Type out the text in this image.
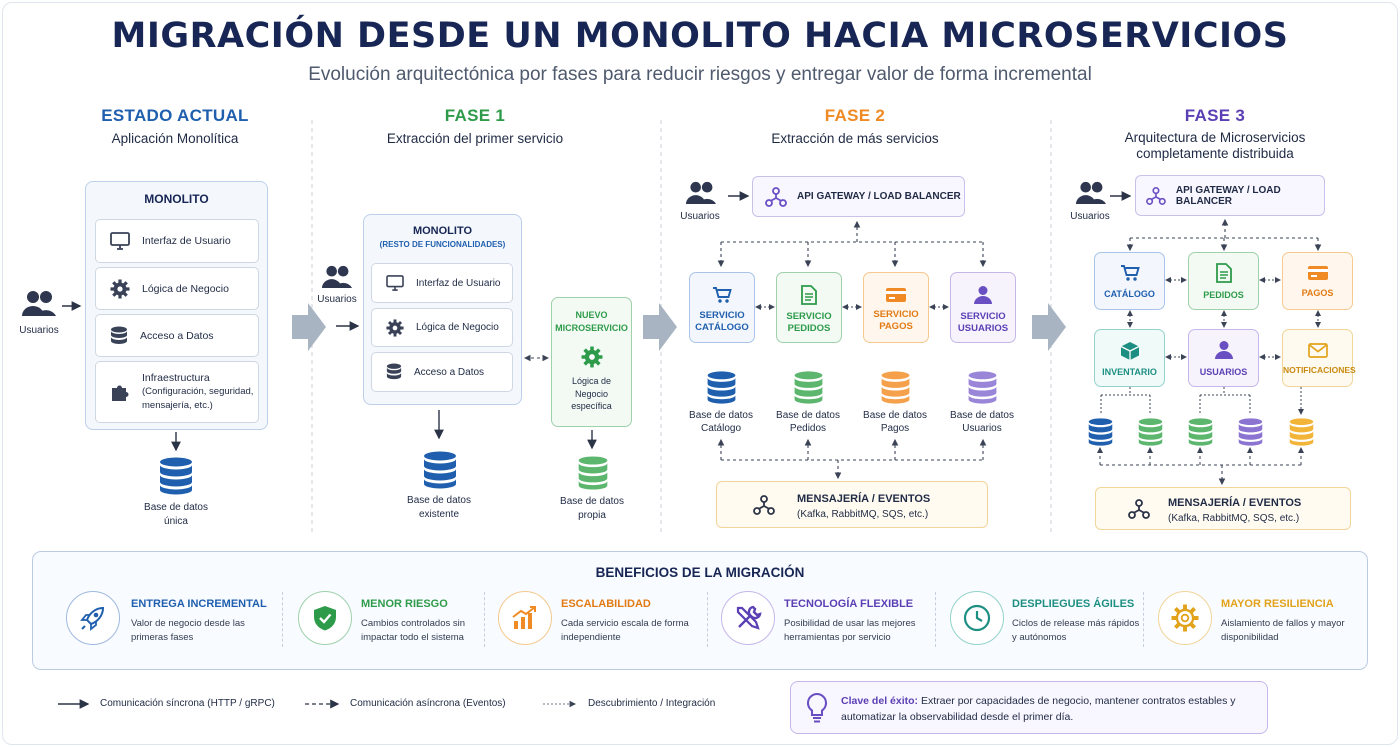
MIGRACIÓN DESDE UN MONOLITO HACIA MICROSERVICIOS
Evolución arquitectónica por fases para reducir riesgos y entregar valor de forma incremental
ESTADO ACTUAL
Aplicación Monolítica
Usuarios
MONOLITO
Interfaz de Usuario
Lógica de Negocio
Acceso a Datos
Infraestructura
(Configuración, seguridad, mensajería, etc.)
Base de datos
única
FASE 1
Extracción del primer servicio
Usuarios
MONOLITO
(RESTO DE FUNCIONALIDADES)
Interfaz de Usuario
Lógica de Negocio
Acceso a Datos
NUEVO
MICROSERVICIO
Lógica de Negocio específica
Base de datos
existente
Base de datos
propia
FASE 2
Extracción de más servicios
Usuarios
API GATEWAY / LOAD BALANCER
SERVICIO
CATÁLOGO
SERVICIO
PEDIDOS
SERVICIO
PAGOS
SERVICIO
USUARIOS
Base de datos
Catálogo
Base de datos
Pedidos
Base de datos
Pagos
Base de datos
Usuarios
MENSAJERÍA / EVENTOS
(Kafka, RabbitMQ, SQS, etc.)
FASE 3
Arquitectura de Microservicios
completamente distribuida
Usuarios
API GATEWAY / LOAD BALANCER
CATÁLOGO	PEDIDOS	PAGOS
INVENTARIO	USUARIOS	NOTIFICACIONES
MENSAJERÍA / EVENTOS
(Kafka, RabbitMQ, SQS, etc.)
BENEFICIOS DE LA MIGRACIÓN
ENTREGA INCREMENTAL
Valor de negocio desde las primeras fases
MENOR RIESGO
Cambios controlados sin impactar todo el sistema
ESCALABILIDAD
Cada servicio escala de forma independiente
TECNOLOGÍA FLEXIBLE
Posibilidad de usar las mejores herramientas por servicio
DESPLIEGUES ÁGILES
Ciclos de release más rápidos y autónomos
MAYOR RESILIENCIA
Aislamiento de fallos y mayor disponibilidad
Comunicación síncrona (HTTP / gRPC)	Comunicación asíncrona (Eventos)	Descubrimiento / Integración	Clave del éxito: Extraer por capacidades de negocio, mantener contratos estables y automatizar la observabilidad desde el primer día.
